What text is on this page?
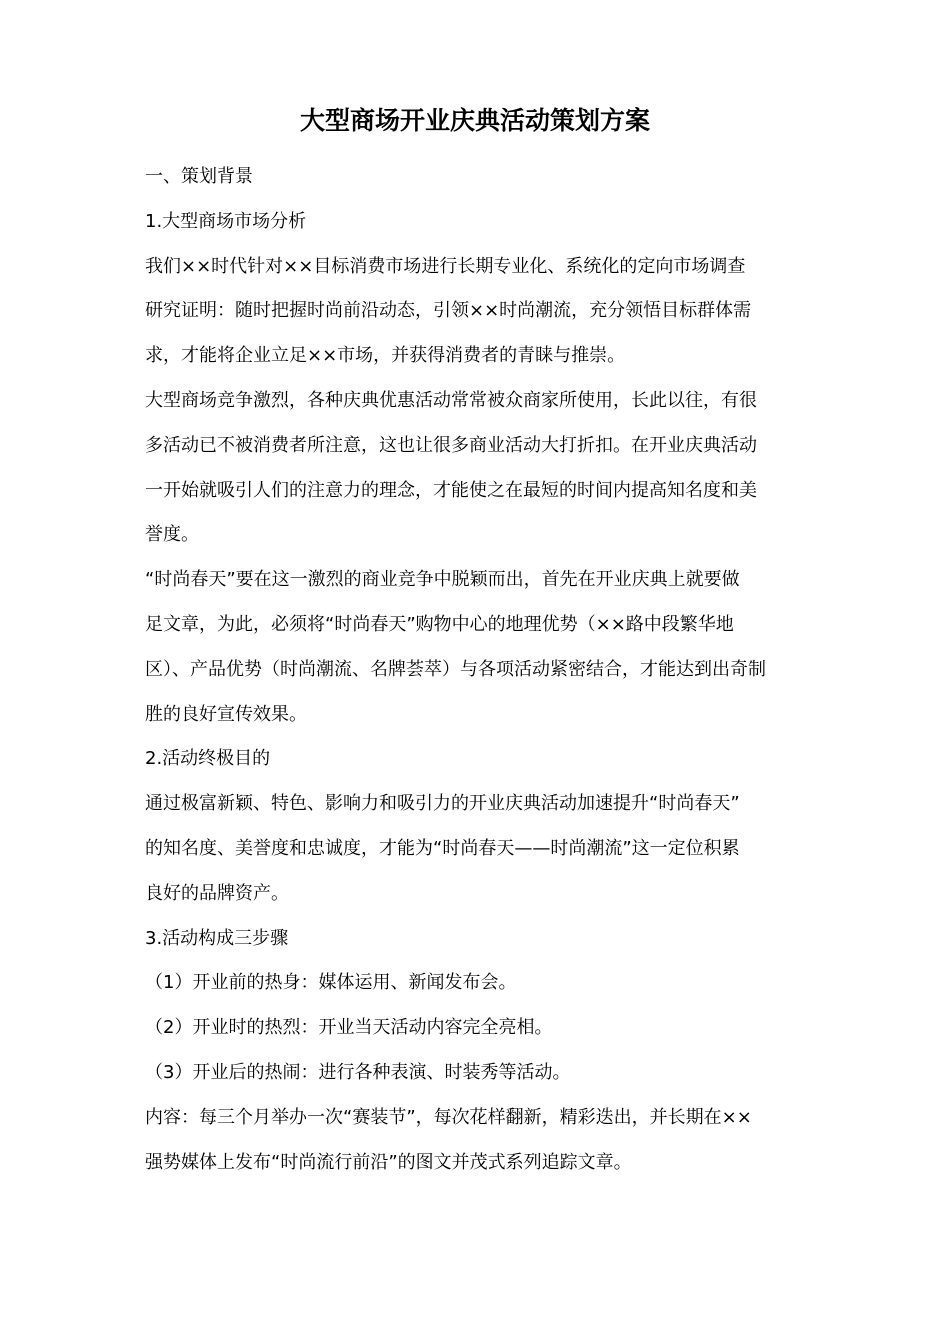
大型商场开业庆典活动策划方案

一、策划背景

1.大型商场市场分析

我们××时代针对××目标消费市场进行长期专业化、系统化的定向市场调查

研究证明：随时把握时尚前沿动态，引领××时尚潮流，充分领悟目标群体需

求，才能将企业立足××市场，并获得消费者的青睐与推崇。

大型商场竞争激烈，各种庆典优惠活动常常被众商家所使用，长此以往，有很

多活动已不被消费者所注意，这也让很多商业活动大打折扣。在开业庆典活动

一开始就吸引人们的注意力的理念，才能使之在最短的时间内提高知名度和美

誉度。

“时尚春天”要在这一激烈的商业竞争中脱颖而出，首先在开业庆典上就要做

足文章，为此，必须将“时尚春天”购物中心的地理优势（××路中段繁华地

区）、产品优势（时尚潮流、名牌荟萃）与各项活动紧密结合，才能达到出奇制

胜的良好宣传效果。

2.活动终极目的

通过极富新颖、特色、影响力和吸引力的开业庆典活动加速提升“时尚春天”

的知名度、美誉度和忠诚度，才能为“时尚春天——时尚潮流”这一定位积累

良好的品牌资产。

3.活动构成三步骤

（1）开业前的热身：媒体运用、新闻发布会。

（2）开业时的热烈：开业当天活动内容完全亮相。

（3）开业后的热闹：进行各种表演、时装秀等活动。

内容：每三个月举办一次“赛装节”，每次花样翻新，精彩迭出，并长期在××

强势媒体上发布“时尚流行前沿”的图文并茂式系列追踪文章。
